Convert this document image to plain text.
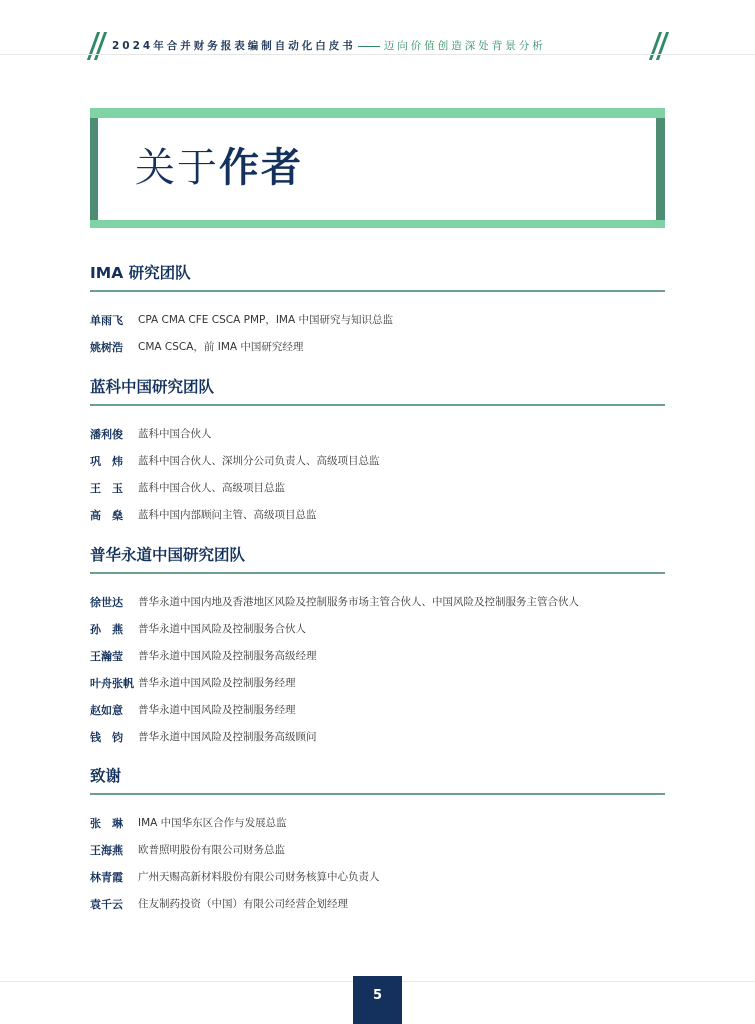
2024年合并财务报表编制自动化白皮书	迈向价值创造深处背景分析
关于作者
IMA 研究团队
单雨飞	CPA CMA CFE CSCA PMP，IMA 中国研究与知识总监
姚树浩	CMA CSCA，前 IMA 中国研究经理
蓝科中国研究团队
潘利俊	蓝科中国合伙人
巩　炜	蓝科中国合伙人、深圳分公司负责人、高级项目总监
王　玉	蓝科中国合伙人、高级项目总监
高　燊	蓝科中国内部顾问主管、高级项目总监
普华永道中国研究团队
徐世达	普华永道中国内地及香港地区风险及控制服务市场主管合伙人、中国风险及控制服务主管合伙人
孙　燕	普华永道中国风险及控制服务合伙人
王瀚莹	普华永道中国风险及控制服务高级经理
叶舟张帆 普华永道中国风险及控制服务经理
赵如意	普华永道中国风险及控制服务经理
钱　钧	普华永道中国风险及控制服务高级顾问
致谢
张　琳	IMA 中国华东区合作与发展总监
王海燕	欧普照明股份有限公司财务总监
林青霞	广州天赐高新材料股份有限公司财务核算中心负责人
袁千云	住友制药投资（中国）有限公司经营企划经理
5
